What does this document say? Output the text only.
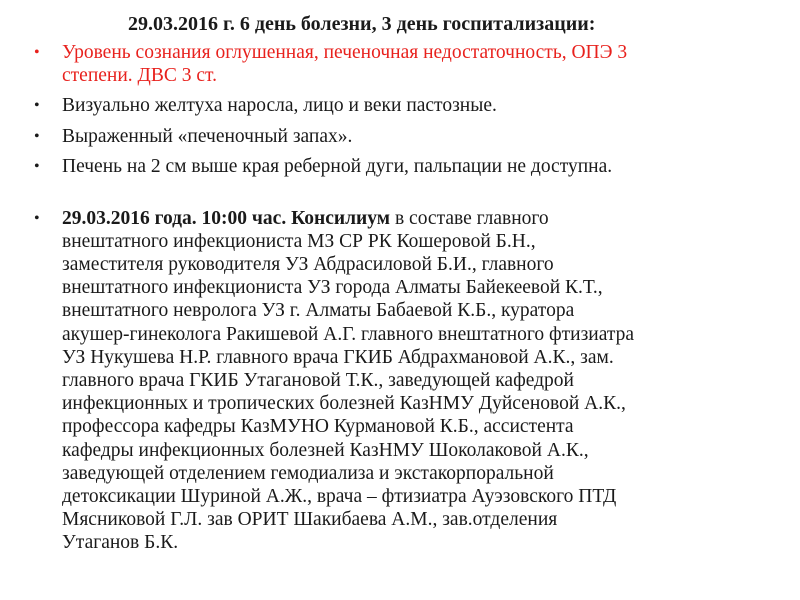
29.03.2016 г. 6 день болезни, 3 день госпитализации:
•	Уровень сознания оглушенная, печеночная недостаточность, ОПЭ 3
степени. ДВС 3 ст.
•	Визуально желтуха наросла, лицо и веки пастозные.
•	Выраженный «печеночный запах».
•	Печень на 2 см выше края реберной дуги, пальпации не доступна.
•	29.03.2016 года. 10:00 час. Консилиум в составе главного
внештатного инфекциониста МЗ СР РК Кошеровой Б.Н.,
заместителя руководителя УЗ Абдрасиловой Б.И., главного
внештатного инфекциониста УЗ города Алматы Байекеевой К.Т.,
внештатного невролога УЗ г. Алматы Бабаевой К.Б., куратора
акушер-гинеколога Ракишевой А.Г. главного внештатного фтизиатра
УЗ Нукушева Н.Р. главного врача ГКИБ Абдрахмановой А.К., зам.
главного врача ГКИБ Утагановой Т.К., заведующей кафедрой
инфекционных и тропических болезней КазНМУ Дуйсеновой А.К.,
профессора кафедры КазМУНО Курмановой К.Б., ассистента
кафедры инфекционных болезней КазНМУ Шоколаковой А.К.,
заведующей отделением гемодиализа и экстакорпоральной
детоксикации Шуриной А.Ж., врача – фтизиатра Ауэзовского ПТД
Мясниковой Г.Л. зав ОРИТ Шакибаева А.М., зав.отделения
Утаганов Б.К.
